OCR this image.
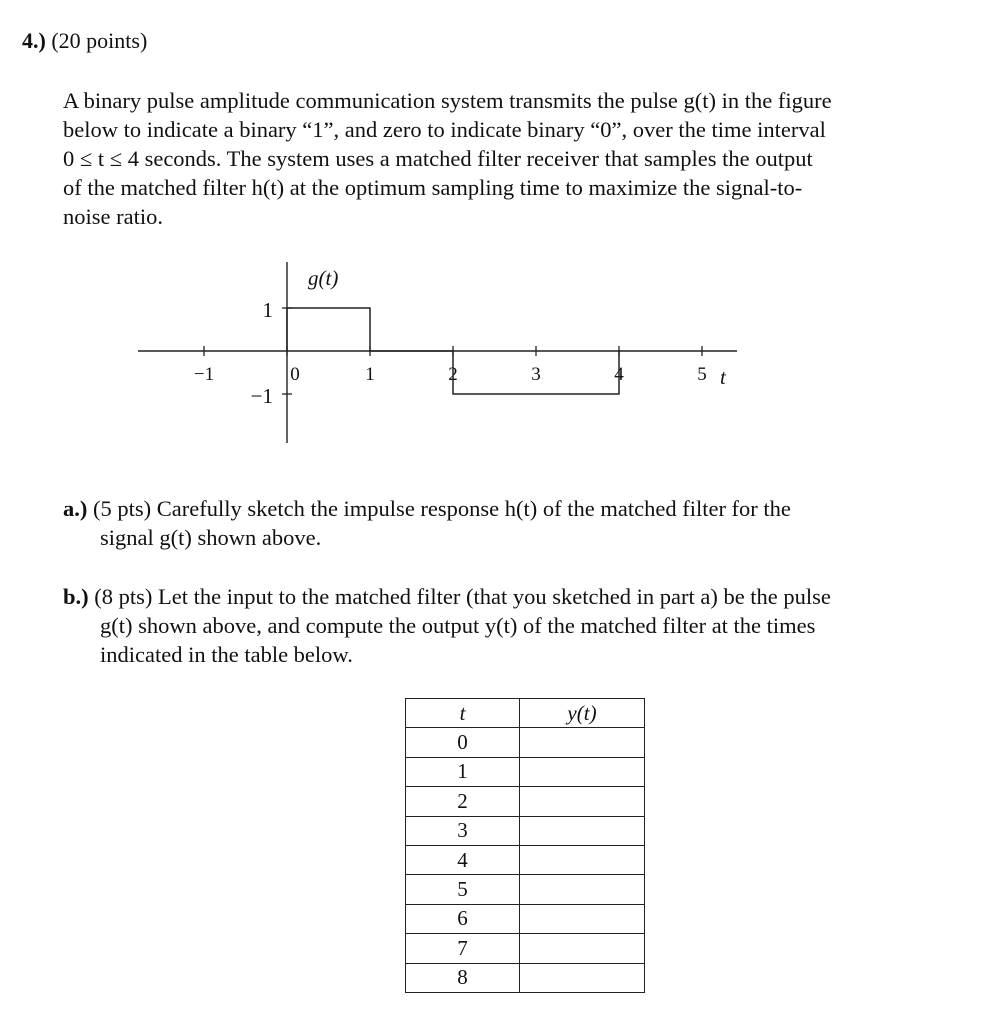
4.) (20 points)
A binary pulse amplitude communication system transmits the pulse g(t) in the figure
below to indicate a binary “1”, and zero to indicate binary “0”, over the time interval
0 ≤ t ≤ 4 seconds. The system uses a matched filter receiver that samples the output
of the matched filter h(t) at the optimum sampling time to maximize the signal-to-
noise ratio.
−1	0	1	2	3	4	5
1
−1
g(t)
t
a.) (5 pts) Carefully sketch the impulse response h(t) of the matched filter for the
signal g(t) shown above.
b.) (8 pts) Let the input to the matched filter (that you sketched in part a) be the pulse
g(t) shown above, and compute the output y(t) of the matched filter at the times
indicated in the table below.
t	y(t)
0	
1	
2	
3	
4	
5	
6	
7	
8	
